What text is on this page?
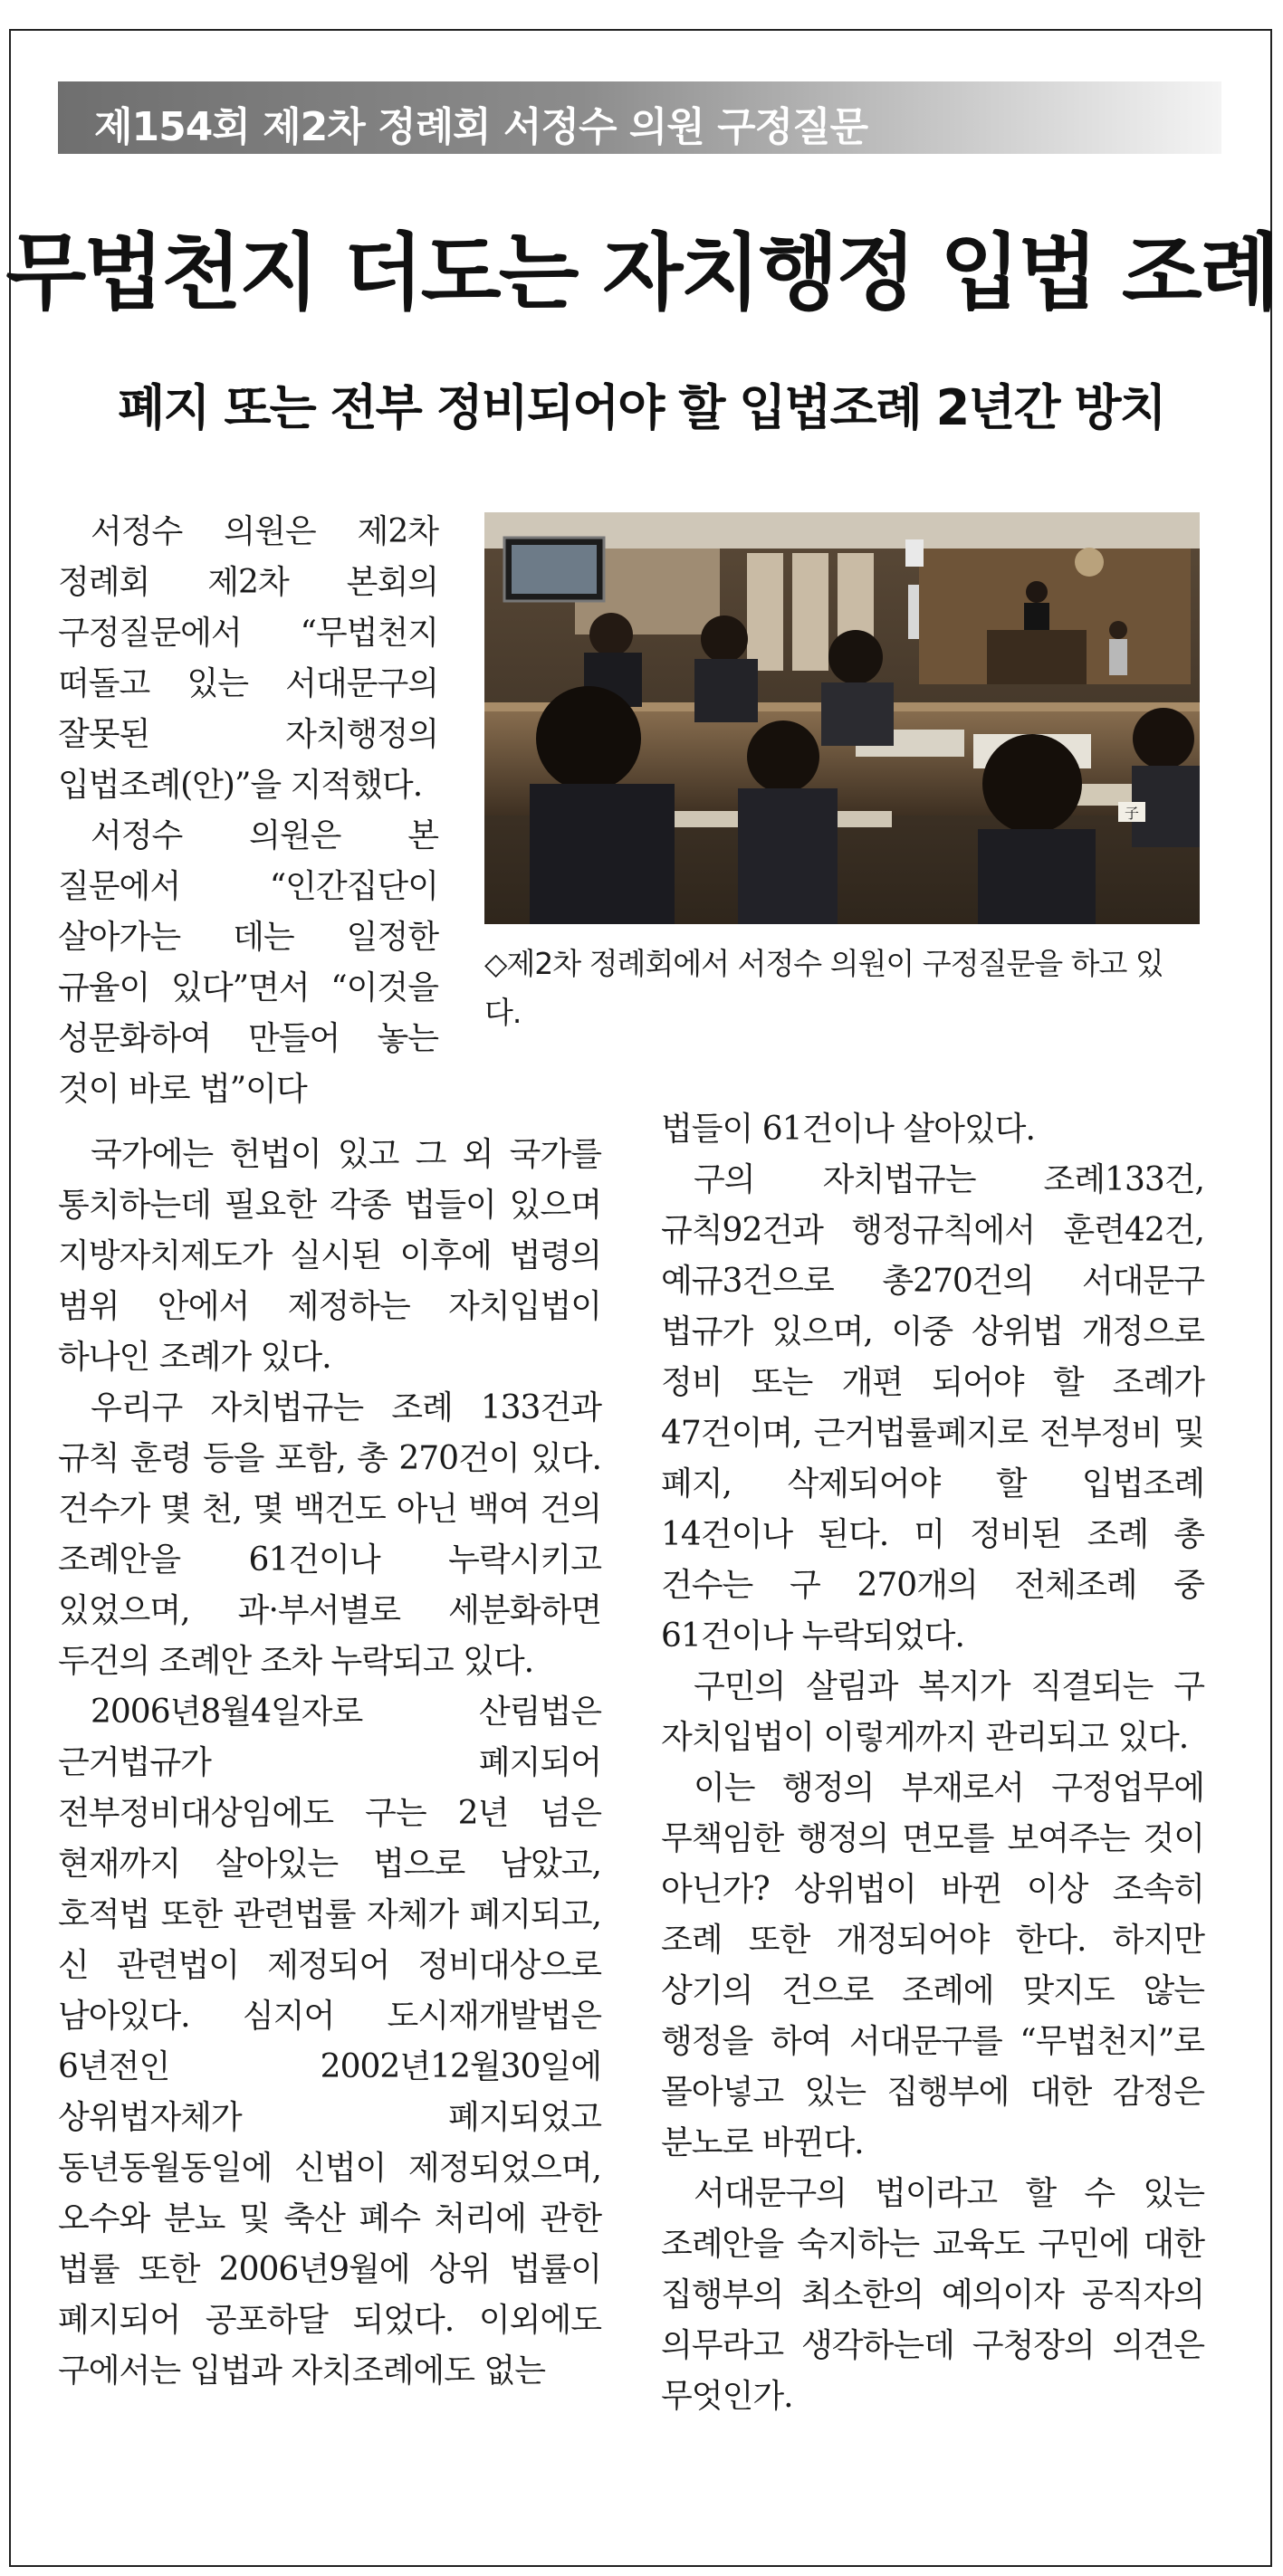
제154회 제2차 정례회 서정수 의원 구정질문
무법천지 더도는 자치행정 입법 조례
폐지 또는 전부 정비되어야 할 입법조례 2년간 방치

서정수 의원은 제2차 정례회 제2차 본회의 구정질문에서 “무법천지 떠돌고 있는 서대문구의 잘못된 자치행정의 입법조례(안)”을 지적했다.

서정수 의원은 본 질문에서 “인간집단이 살아가는 데는 일정한 규율이 있다”면서 “이것을 성문화하여 만들어 놓는 것이 바로 법”이다

子
◇제2차 정례회에서 서정수 의원이 구정질문을 하고 있다.

국가에는 헌법이 있고 그 외 국가를 통치하는데 필요한 각종 법들이 있으며 지방자치제도가 실시된 이후에 법령의 범위 안에서 제정하는 자치입법이 하나인 조례가 있다.

우리구 자치법규는 조례 133건과 규칙 훈령 등을 포함, 총 270건이 있다. 건수가 몇 천, 몇 백건도 아닌 백여 건의 조례안을 61건이나 누락시키고 있었으며, 과·부서별로 세분화하면 두건의 조례안 조차 누락되고 있다.

2006년8월4일자로 산림법은 근거법규가 폐지되어 전부정비대상임에도 구는 2년 넘은 현재까지 살아있는 법으로 남았고, 호적법 또한 관련법률 자체가 폐지되고, 신 관련법이 제정되어 정비대상으로 남아있다. 심지어 도시재개발법은 6년전인 2002년12월30일에 상위법자체가 폐지되었고 동년동월동일에 신법이 제정되었으며, 오수와 분뇨 및 축산 폐수 처리에 관한 법률 또한 2006년9월에 상위 법률이 폐지되어 공포하달 되었다. 이외에도 구에서는 입법과 자치조례에도 없는

법들이 61건이나 살아있다.

구의 자치법규는 조례133건, 규칙92건과 행정규칙에서 훈련42건, 예규3건으로 총270건의 서대문구 법규가 있으며, 이중 상위법 개정으로 정비 또는 개편 되어야 할 조례가 47건이며, 근거법률폐지로 전부정비 및 폐지, 삭제되어야 할 입법조례 14건이나 된다. 미 정비된 조례 총 건수는 구 270개의 전체조례 중 61건이나 누락되었다.

구민의 살림과 복지가 직결되는 구 자치입법이 이렇게까지 관리되고 있다.

이는 행정의 부재로서 구정업무에 무책임한 행정의 면모를 보여주는 것이 아닌가? 상위법이 바뀐 이상 조속히 조례 또한 개정되어야 한다. 하지만 상기의 건으로 조례에 맞지도 않는 행정을 하여 서대문구를 “무법천지”로 몰아넣고 있는 집행부에 대한 감정은 분노로 바뀐다.

서대문구의 법이라고 할 수 있는 조례안을 숙지하는 교육도 구민에 대한 집행부의 최소한의 예의이자 공직자의 의무라고 생각하는데 구청장의 의견은 무엇인가.
